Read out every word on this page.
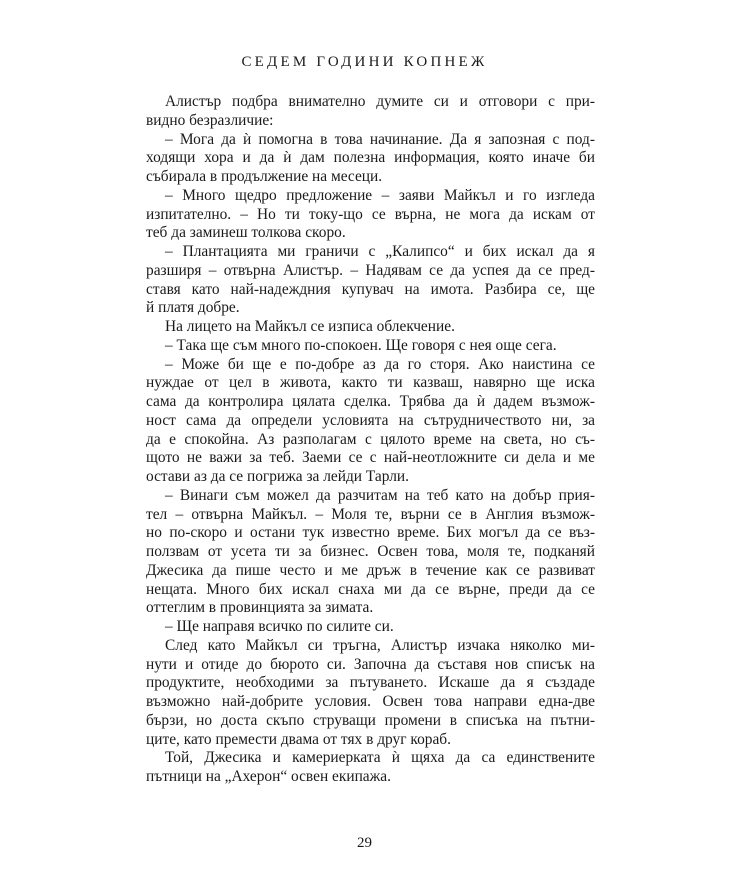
СЕДЕМ ГОДИНИ КОПНЕЖ
Алистър подбра внимателно думите си и отговори с при-
видно безразличие:
– Мога да ѝ помогна в това начинание. Да я запозная с под-
ходящи хора и да ѝ дам полезна информация, която иначе би
събирала в продължение на месеци.
– Много щедро предложение – заяви Майкъл и го изгледа
изпитателно. – Но ти току-що се върна, не мога да искам от
теб да заминеш толкова скоро.
– Плантацията ми граничи с „Калипсо“ и бих искал да я
разширя – отвърна Алистър. – Надявам се да успея да се пред-
ставя като най-надеждния купувач на имота. Разбира се, ще
й платя добре.
На лицето на Майкъл се изписа облекчение.
– Така ще съм много по-спокоен. Ще говоря с нея още сега.
– Може би ще е по-добре аз да го сторя. Ако наистина се
нуждае от цел в живота, както ти казваш, навярно ще иска
сама да контролира цялата сделка. Трябва да ѝ дадем възмож-
ност сама да определи условията на сътрудничеството ни, за
да е спокойна. Аз разполагам с цялото време на света, но съ-
щото не важи за теб. Заеми се с най-неотложните си дела и ме
остави аз да се погрижа за лейди Тарли.
– Винаги съм можел да разчитам на теб като на добър прия-
тел – отвърна Майкъл. – Моля те, върни се в Англия възмож-
но по-скоро и остани тук известно време. Бих могъл да се въз-
ползвам от усета ти за бизнес. Освен това, моля те, подканяй
Джесика да пише често и ме дръж в течение как се развиват
нещата. Много бих искал снаха ми да се върне, преди да се
оттеглим в провинцията за зимата.
– Ще направя всичко по силите си.
След като Майкъл си тръгна, Алистър изчака няколко ми-
нути и отиде до бюрото си. Започна да съставя нов списък на
продуктите, необходими за пътуването. Искаше да я създаде
възможно най-добрите условия. Освен това направи една-две
бързи, но доста скъпо струващи промени в списъка на пътни-
ците, като премести двама от тях в друг кораб.
Той, Джесика и камериерката ѝ щяха да са единствените
пътници на „Ахерон“ освен екипажа.
29
